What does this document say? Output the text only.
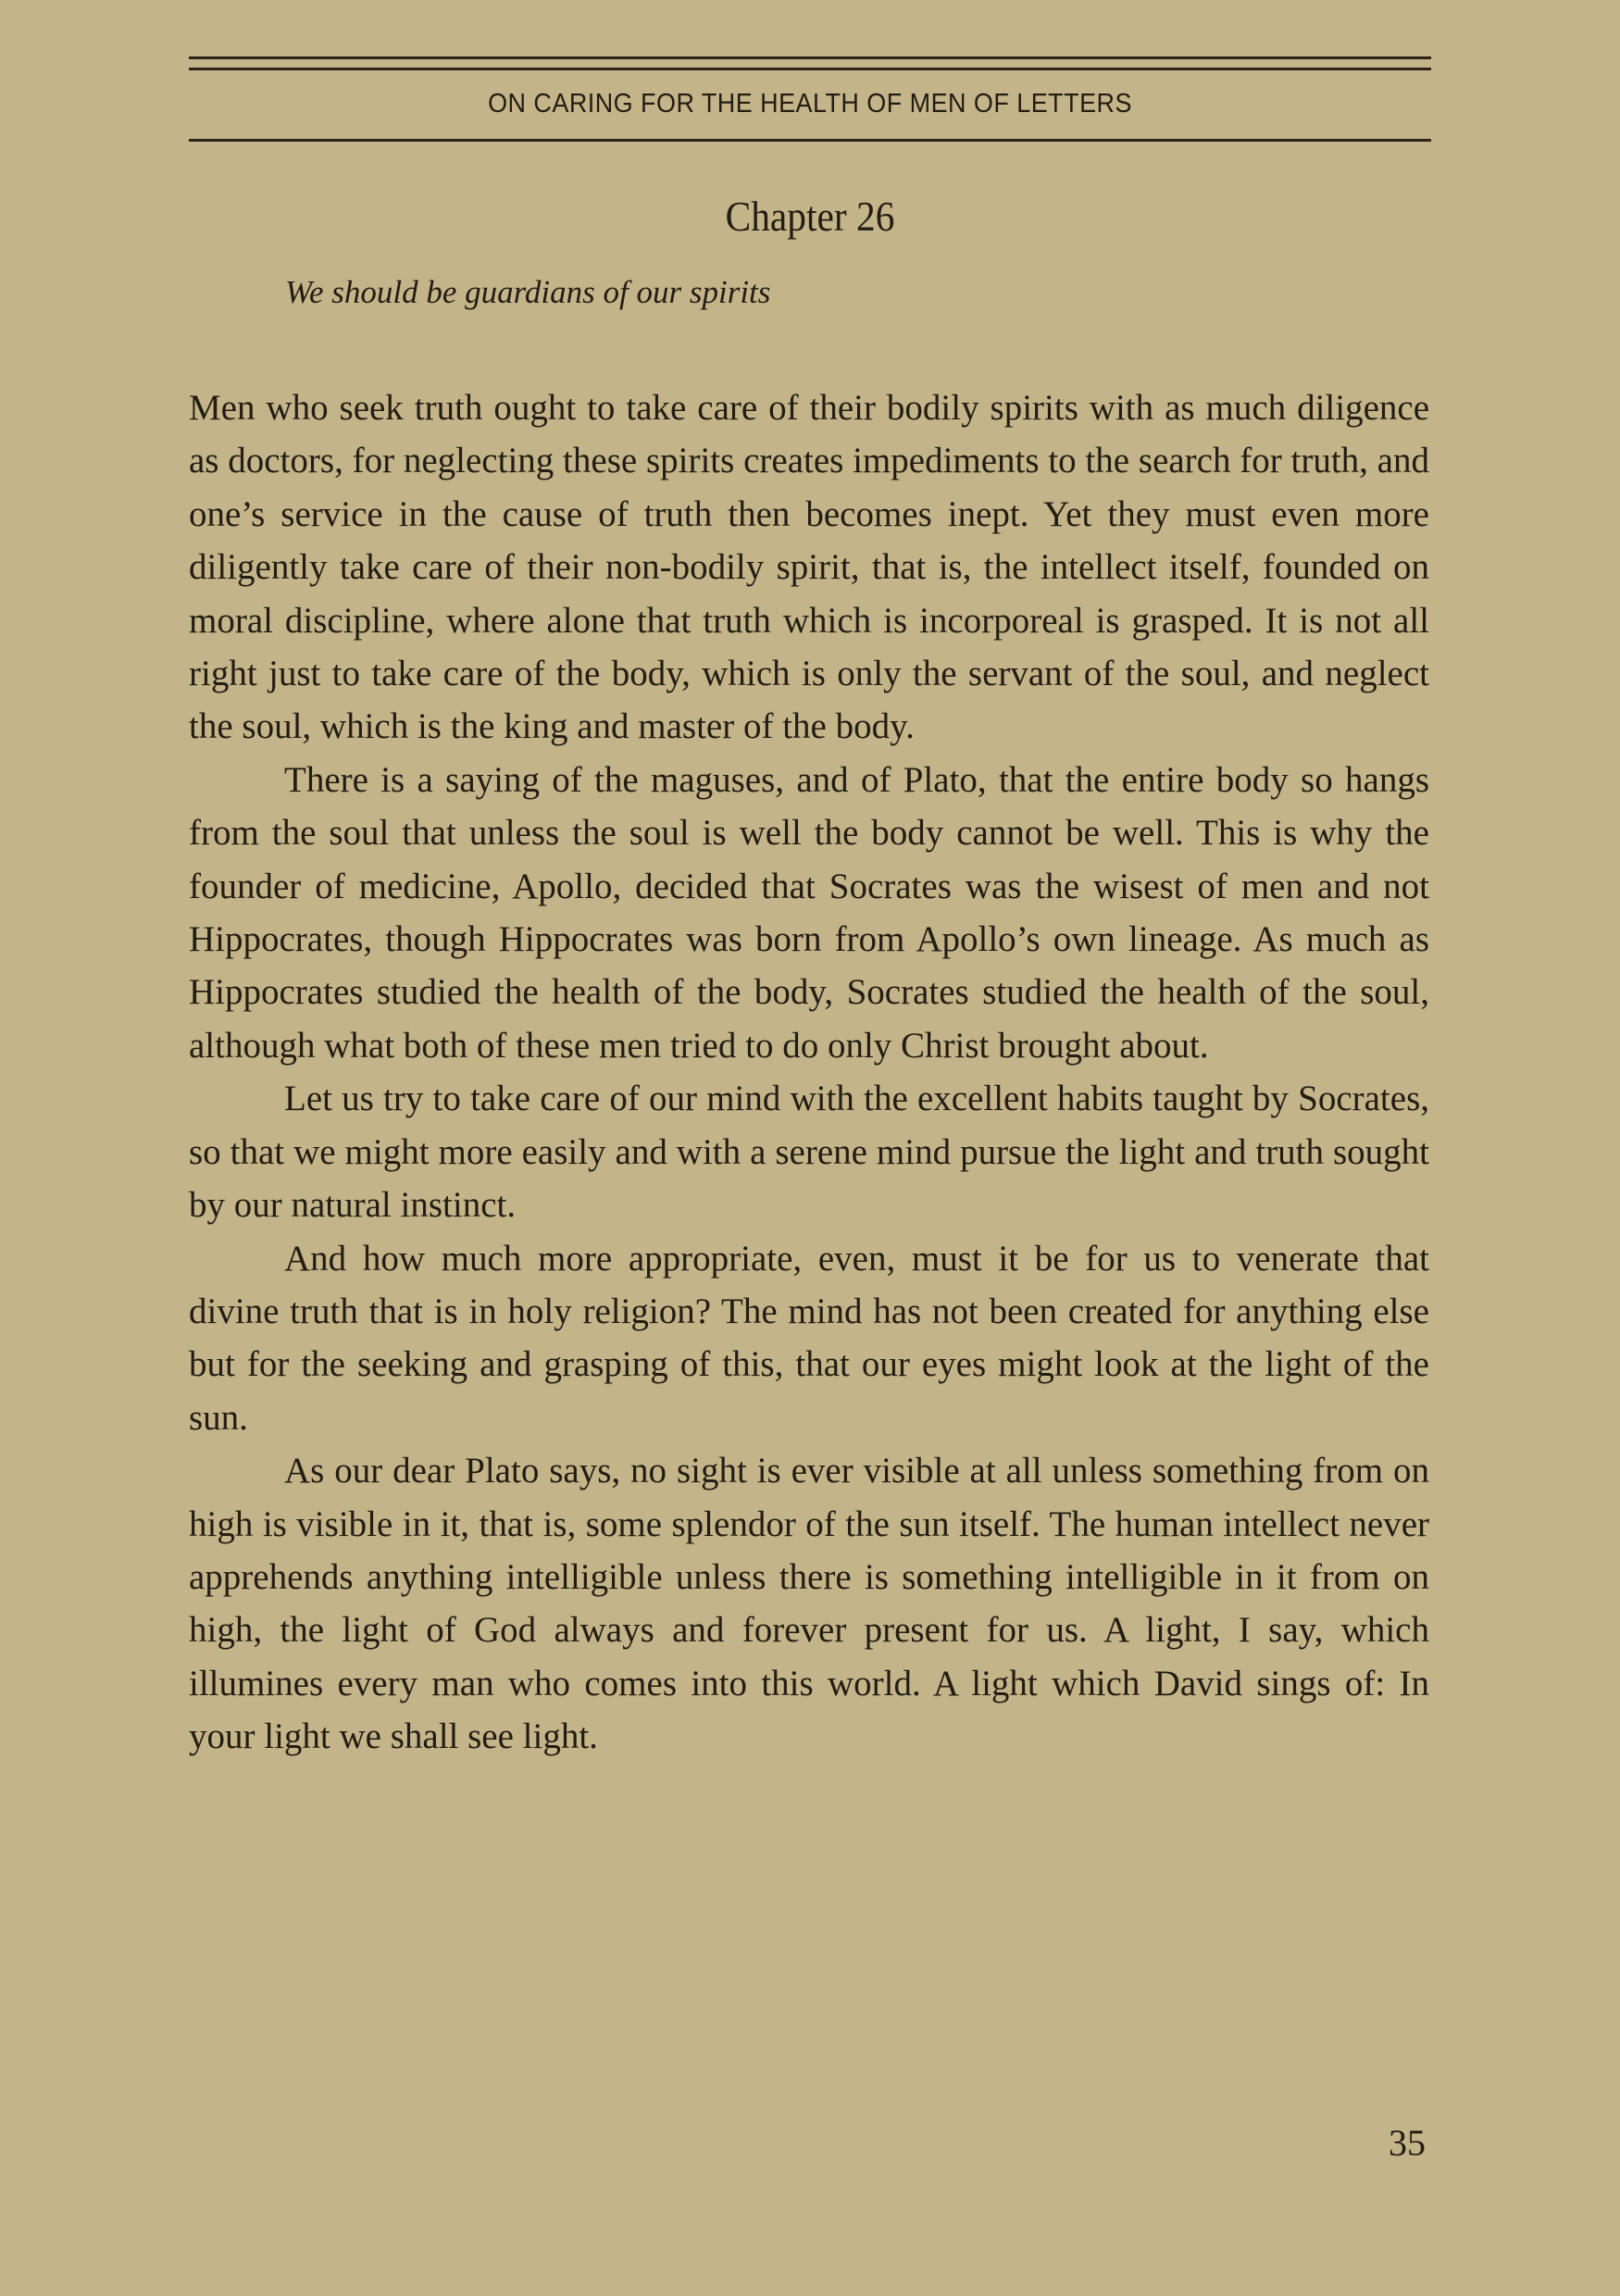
ON CARING FOR THE HEALTH OF MEN OF LETTERS
Chapter 26
We should be guardians of our spirits

Men who seek truth ought to take care of their bodily spirits with as much diligence as doctors, for neglecting these spirits creates impediments to the search for truth, and one’s service in the cause of truth then becomes inept. Yet they must even more diligently take care of their non-bodily spirit, that is, the intellect itself, founded on moral discipline, where alone that truth which is incorporeal is grasped. It is not all right just to take care of the body, which is only the servant of the soul, and neglect the soul, which is the king and master of the body.

There is a saying of the maguses, and of Plato, that the entire body so hangs from the soul that unless the soul is well the body cannot be well. This is why the founder of medicine, Apollo, decided that Socrates was the wisest of men and not Hippocrates, though Hippocrates was born from Apollo’s own lineage. As much as Hippocrates studied the health of the body, Socrates studied the health of the soul, although what both of these men tried to do only Christ brought about.

Let us try to take care of our mind with the excellent habits taught by Socrates, so that we might more easily and with a serene mind pursue the light and truth sought by our natural instinct.

And how much more appropriate, even, must it be for us to venerate that divine truth that is in holy religion? The mind has not been created for anything else but for the seeking and grasping of this, that our eyes might look at the light of the sun.

As our dear Plato says, no sight is ever visible at all unless something from on high is visible in it, that is, some splendor of the sun itself. The human intellect never apprehends anything intelligible unless there is something intelligible in it from on high, the light of God always and forever present for us. A light, I say, which illumines every man who comes into this world. A light which David sings of: In your light we shall see light.

35
